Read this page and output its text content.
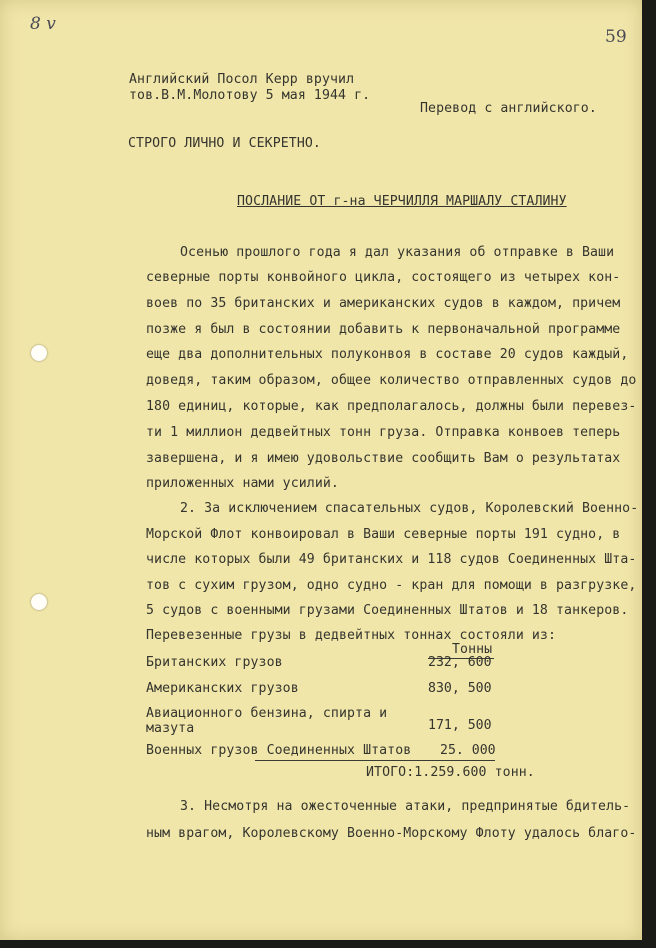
8 v
59
Английский Посол Керр вручил
тов.В.М.Молотову 5 мая 1944 г.
Перевод с английского.
СТРОГО ЛИЧНО И СЕКРЕТНО.
ПОСЛАНИЕ ОТ г-на ЧЕРЧИЛЛЯ МАРШАЛУ СТАЛИНУ
Осенью прошлого года я дал указания об отправке в Ваши
северные порты конвойного цикла, состоящего из четырех кон-
воев по 35 британских и американских судов в каждом, причем
позже я был в состоянии добавить к первоначальной программе
еще два дополнительных полуконвоя в составе 20 судов каждый,
доведя, таким образом, общее количество отправленных судов до
180 единиц, которые, как предполагалось, должны были перевез-
ти 1 миллион дедвейтных тонн груза. Отправка конвоев теперь
завершена, и я имею удовольствие сообщить Вам о результатах
приложенных нами усилий.
2. За исключением спасательных судов, Королевский Военно-
Морской Флот конвоировал в Ваши северные порты 191 судно, в
числе которых были 49 британских и 118 судов Соединенных Шта-
тов с сухим грузом, одно судно - кран для помощи в разгрузке,
5 судов с военными грузами Соединенных Штатов и 18 танкеров.
Перевезенные грузы в дедвейтных тоннах состояли из:
Тонны
Британских грузов	232, 600
Американских грузов	830, 500
Авиационного бензина, спирта и
мазута	171, 500
Военных грузов Соединенных Штатов 25. 000
ИТОГО:1.259.600 тонн.
3. Несмотря на ожесточенные атаки, предпринятые бдитель-
ным врагом, Королевскому Военно-Морскому Флоту удалось благо-
